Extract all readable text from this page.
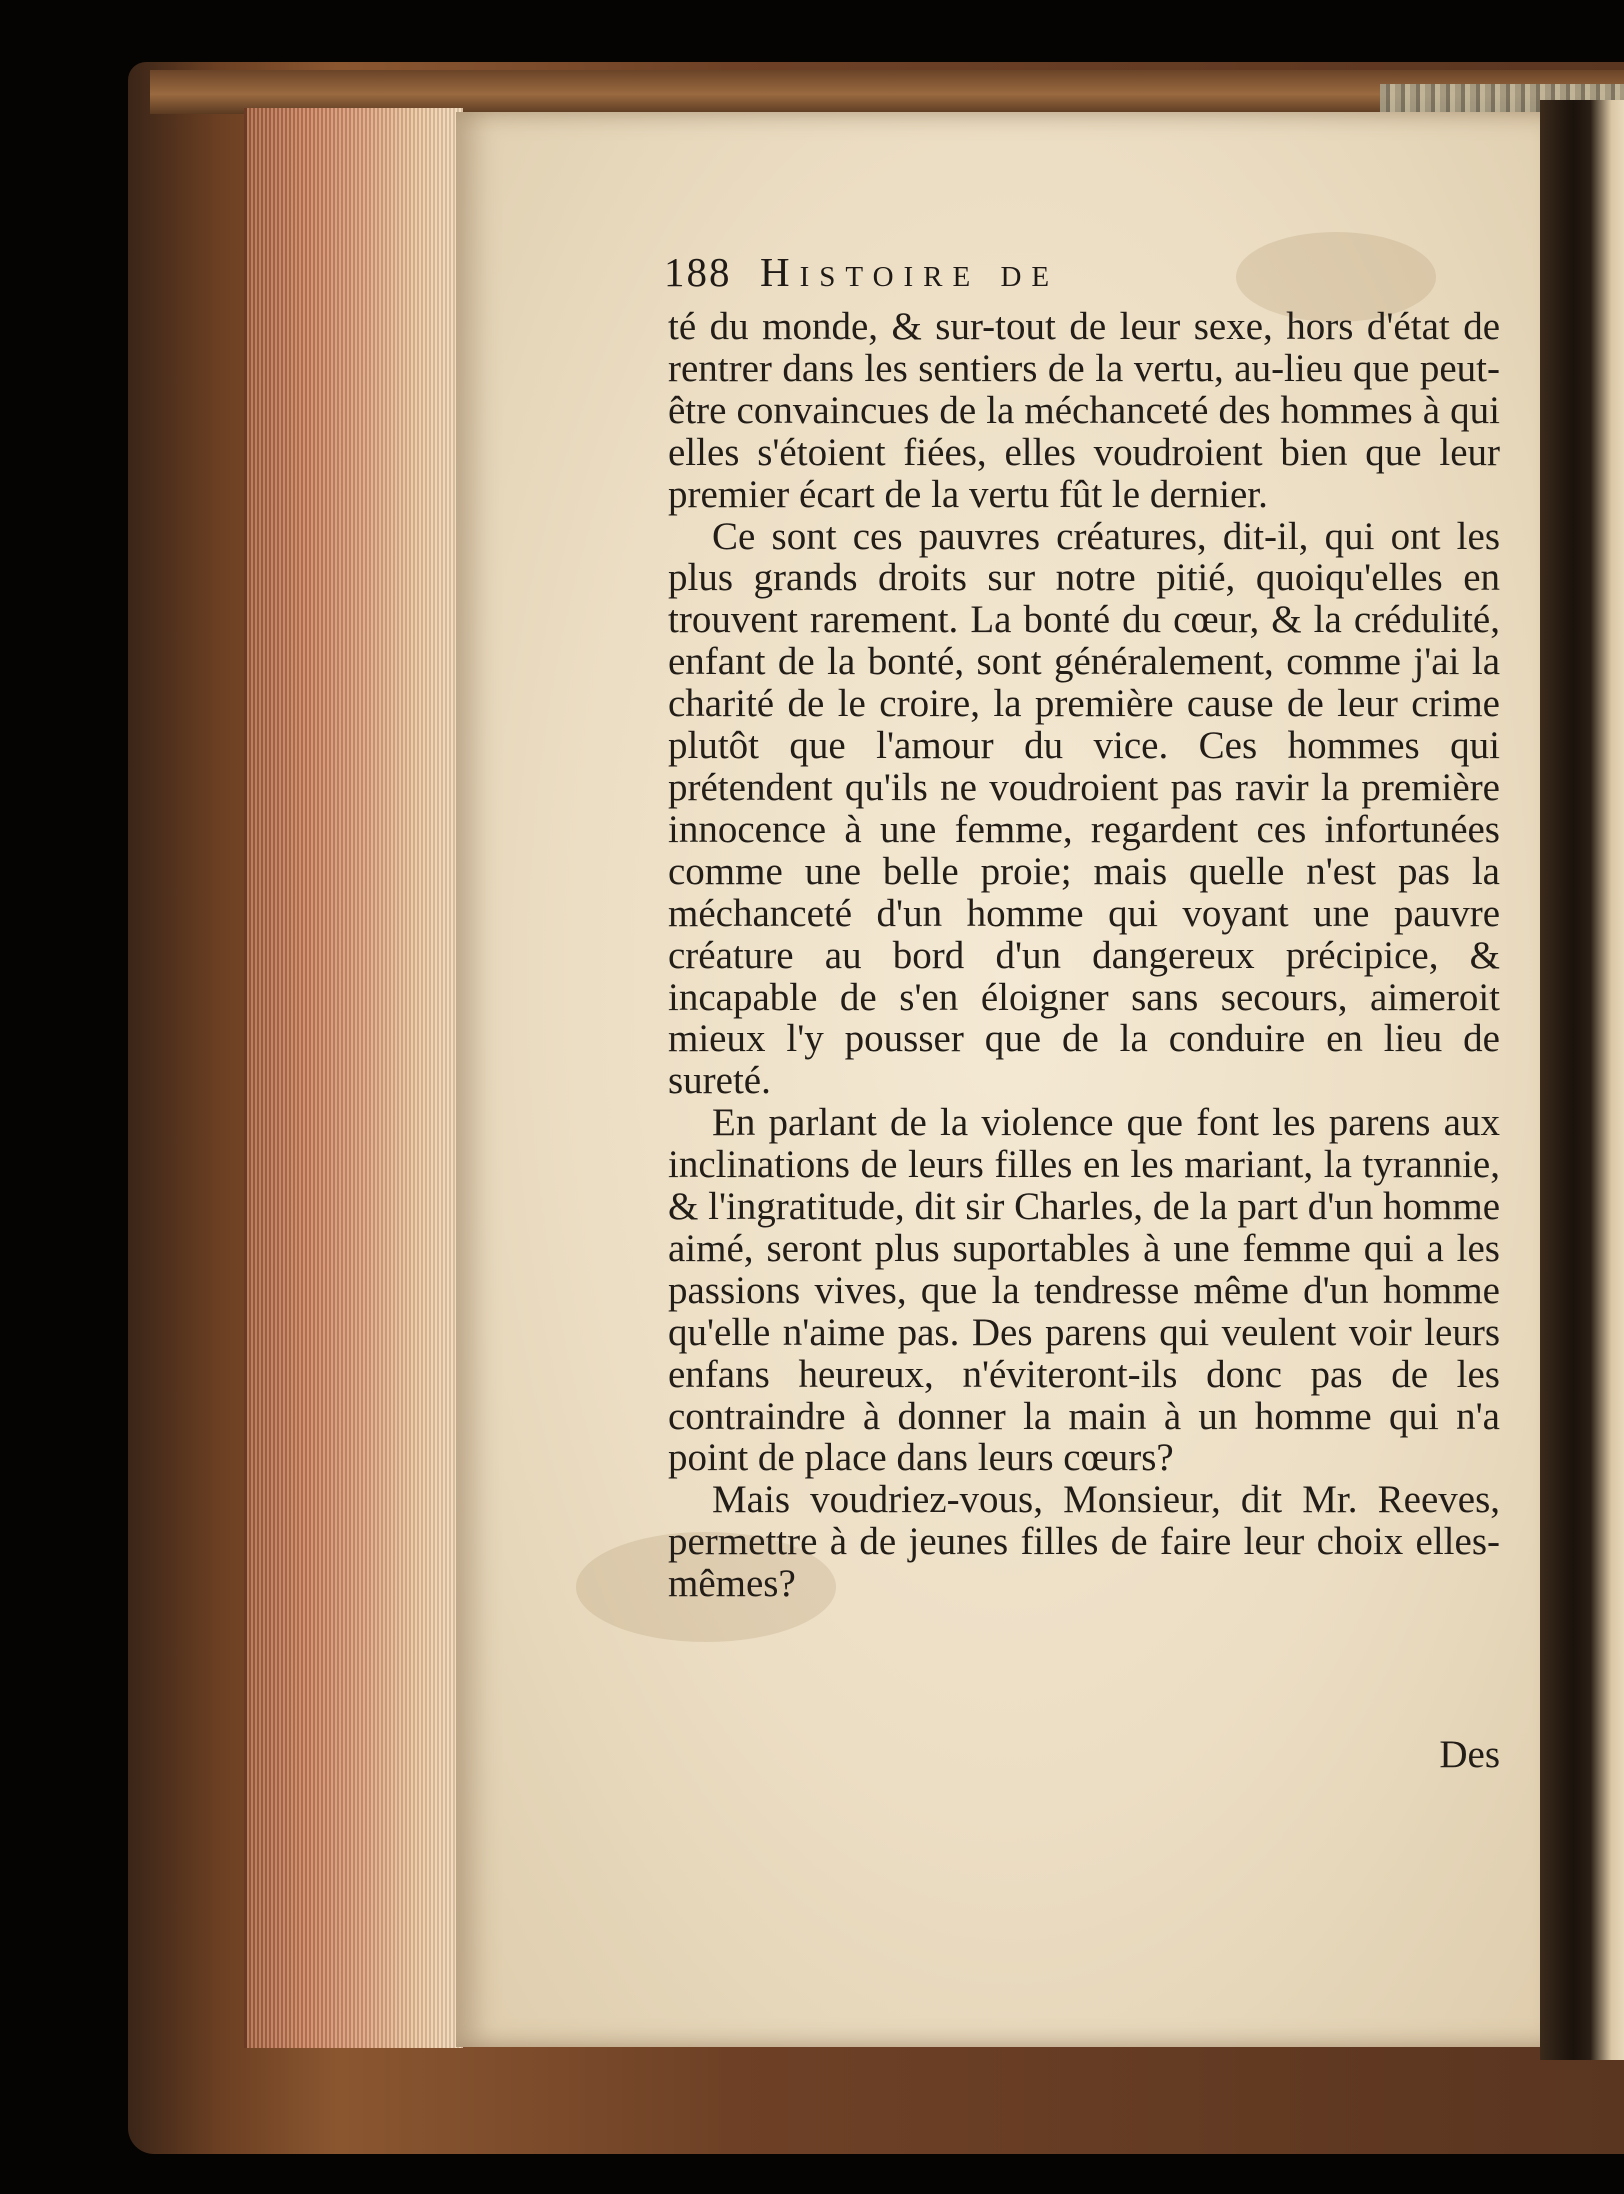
188 Histoire de

té du monde, & sur-tout de leur sexe, hors d'état de rentrer dans les sentiers de la vertu, au-lieu que peut-être convaincues de la méchanceté des hommes à qui elles s'étoient fiées, elles voudroient bien que leur premier écart de la vertu fût le dernier.

Ce sont ces pauvres créatures, dit-il, qui ont les plus grands droits sur notre pitié, quoiqu'elles en trouvent rarement. La bonté du cœur, & la crédulité, enfant de la bonté, sont généralement, comme j'ai la charité de le croire, la première cause de leur crime plutôt que l'amour du vice. Ces hommes qui prétendent qu'ils ne voudroient pas ravir la première innocence à une femme, regardent ces infortunées comme une belle proie; mais quelle n'est pas la méchanceté d'un homme qui voyant une pauvre créature au bord d'un dangereux précipice, & incapable de s'en éloigner sans secours, aimeroit mieux l'y pousser que de la conduire en lieu de sureté.

En parlant de la violence que font les parens aux inclinations de leurs filles en les mariant, la tyrannie, & l'ingratitude, dit sir Charles, de la part d'un homme aimé, seront plus suportables à une femme qui a les passions vives, que la tendresse même d'un homme qu'elle n'aime pas. Des parens qui veulent voir leurs enfans heureux, n'éviteront-ils donc pas de les contraindre à donner la main à un homme qui n'a point de place dans leurs cœurs?

Mais voudriez-vous, Monsieur, dit Mr. Reeves, permettre à de jeunes filles de faire leur choix elles-mêmes?

Des
